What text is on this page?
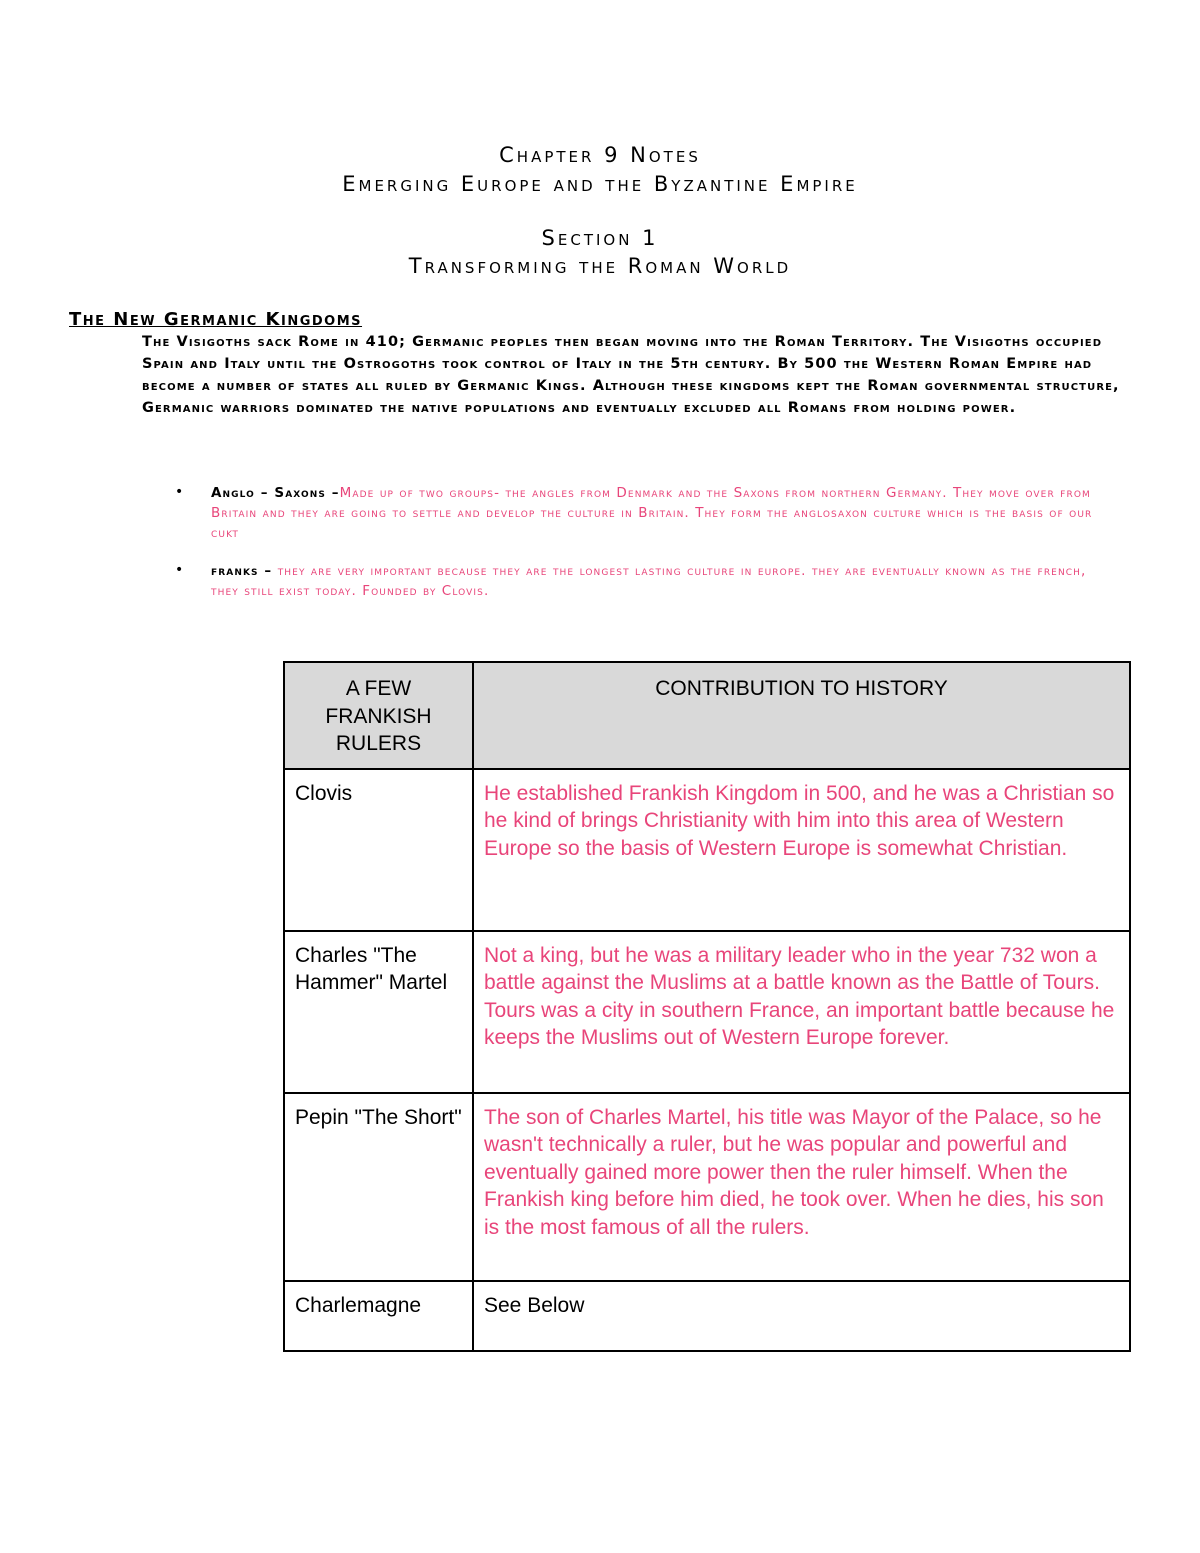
Chapter 9 Notes
Emerging Europe and the Byzantine Empire
Section 1
Transforming the Roman World
The New Germanic Kingdoms

The Visigoths sack Rome in 410; Germanic peoples then began moving into the Roman Territory. The Visigoths occupied Spain and Italy until the Ostrogoths took control of Italy in the 5th century. By 500 the Western Roman Empire had become a number of states all ruled by Germanic Kings. Although these kingdoms kept the Roman governmental structure, Germanic warriors dominated the native populations and eventually excluded all Romans from holding power.

• Anglo – Saxons –Made up of two groups- the angles from Denmark and the Saxons from northern Germany. They move over from Britain and they are going to settle and develop the culture in Britain. They form the anglosaxon culture which is the basis of our cukt

• franks – they are very important because they are the longest lasting culture in europe. they are eventually known as the french, they still exist today. Founded by Clovis.

A FEW FRANKISH RULERS	CONTRIBUTION TO HISTORY
Clovis	He established Frankish Kingdom in 500, and he was a Christian so he kind of brings Christianity with him into this area of Western Europe so the basis of Western Europe is somewhat Christian.
Charles "The Hammer" Martel	Not a king, but he was a military leader who in the year 732 won a battle against the Muslims at a battle known as the Battle of Tours. Tours was a city in southern France, an important battle because he keeps the Muslims out of Western Europe forever.
Pepin "The Short"	The son of Charles Martel, his title was Mayor of the Palace, so he wasn't technically a ruler, but he was popular and powerful and eventually gained more power then the ruler himself. When the Frankish king before him died, he took over. When he dies, his son is the most famous of all the rulers.
Charlemagne	See Below
